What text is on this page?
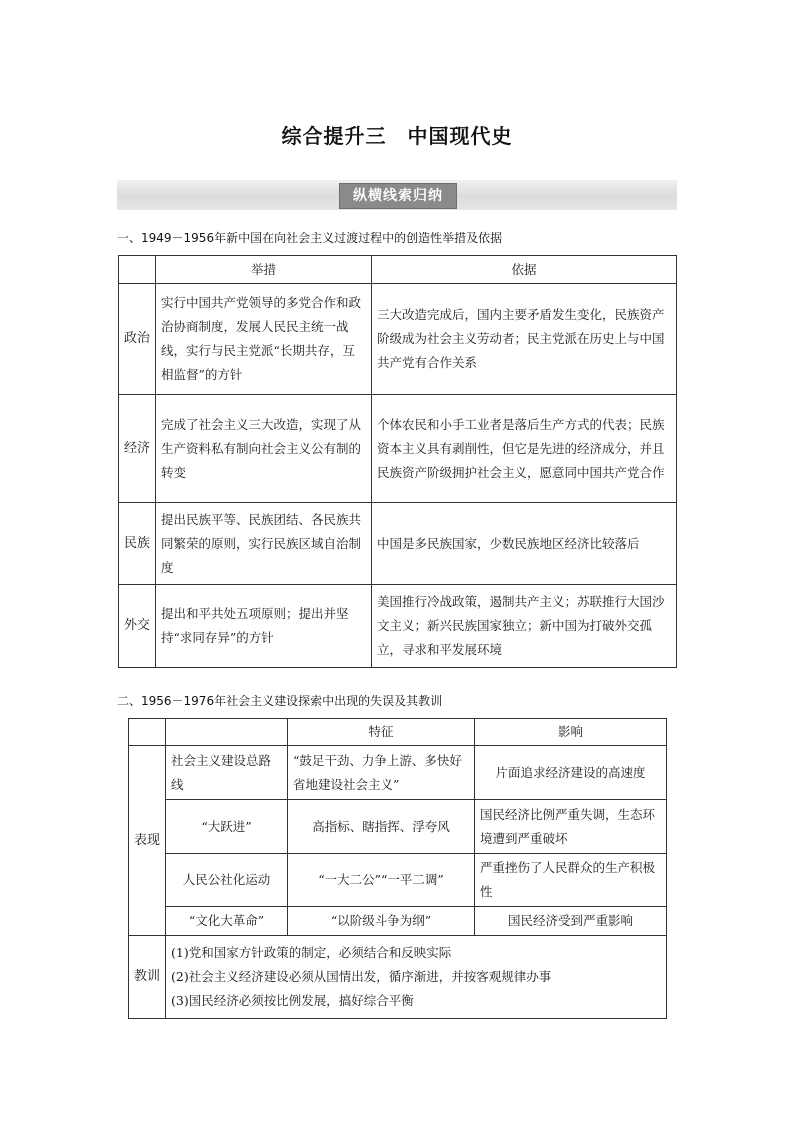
综合提升三　中国现代史
纵横线索归纳
一、1949－1956年新中国在向社会主义过渡过程中的创造性举措及依据
	举措	依据
政治	实行中国共产党领导的多党合作和政治协商制度，发展人民民主统一战线，实行与民主党派“长期共存，互相监督”的方针	三大改造完成后，国内主要矛盾发生变化，民族资产阶级成为社会主义劳动者；民主党派在历史上与中国共产党有合作关系
经济	完成了社会主义三大改造，实现了从生产资料私有制向社会主义公有制的转变	个体农民和小手工业者是落后生产方式的代表；民族资本主义具有剥削性，但它是先进的经济成分，并且民族资产阶级拥护社会主义，愿意同中国共产党合作
民族	提出民族平等、民族团结、各民族共同繁荣的原则，实行民族区域自治制度	中国是多民族国家，少数民族地区经济比较落后
外交	提出和平共处五项原则；提出并坚持“求同存异”的方针	美国推行冷战政策，遏制共产主义；苏联推行大国沙文主义；新兴民族国家独立；新中国为打破外交孤立，寻求和平发展环境
二、1956－1976年社会主义建设探索中出现的失误及其教训
		特征	影响
表现	社会主义建设总路线	“鼓足干劲、力争上游、多快好省地建设社会主义”	片面追求经济建设的高速度
	“大跃进”	高指标、瞎指挥、浮夸风	国民经济比例严重失调，生态环境遭到严重破坏
	人民公社化运动	“一大二公”“一平二调”	严重挫伤了人民群众的生产积极性
	“文化大革命”	“以阶级斗争为纲”	国民经济受到严重影响
教训	(1)党和国家方针政策的制定，必须结合和反映实际
(2)社会主义经济建设必须从国情出发，循序渐进，并按客观规律办事
(3)国民经济必须按比例发展，搞好综合平衡		
